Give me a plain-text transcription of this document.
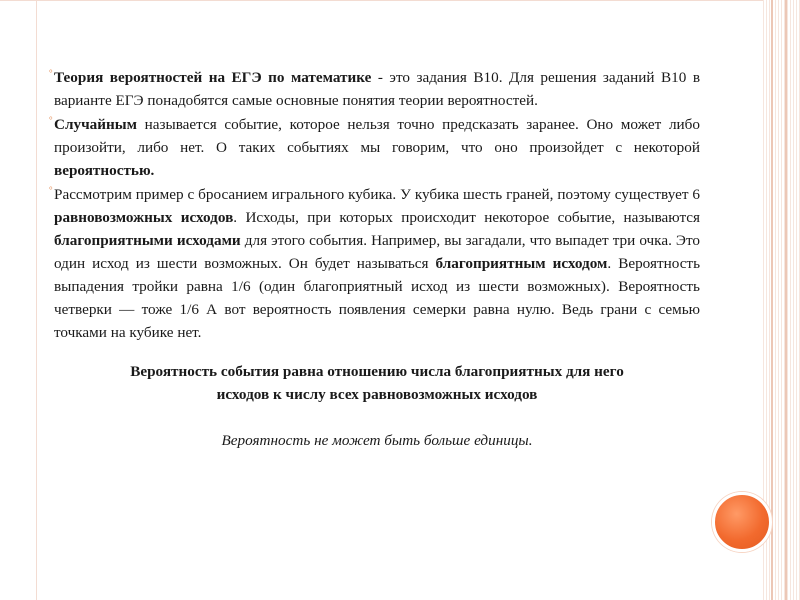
° Теория вероятностей на ЕГЭ по математике - это задания В10. Для решения заданий В10 в варианте ЕГЭ понадобятся самые основные понятия теории вероятностей.

° Случайным называется событие, которое нельзя точно предсказать заранее. Оно может либо произойти, либо нет. О таких событиях мы говорим, что оно произойдет с некоторой вероятностью.

° Рассмотрим пример с бросанием игрального кубика. У кубика шесть граней, поэтому существует 6 равновозможных исходов. Исходы, при которых происходит некоторое событие, называются благоприятными исходами для этого события. Например, вы загадали, что выпадет три очка. Это один исход из шести возможных. Он будет называться благоприятным исходом. Вероятность выпадения тройки равна 1/6 (один благоприятный исход из шести возможных). Вероятность четверки — тоже 1/6 А вот вероятность появления семерки равна нулю. Ведь грани с семью точками на кубике нет.

Вероятность события равна отношению числа благоприятных для него
исходов к числу всех равновозможных исходов
Вероятность не может быть больше единицы.
